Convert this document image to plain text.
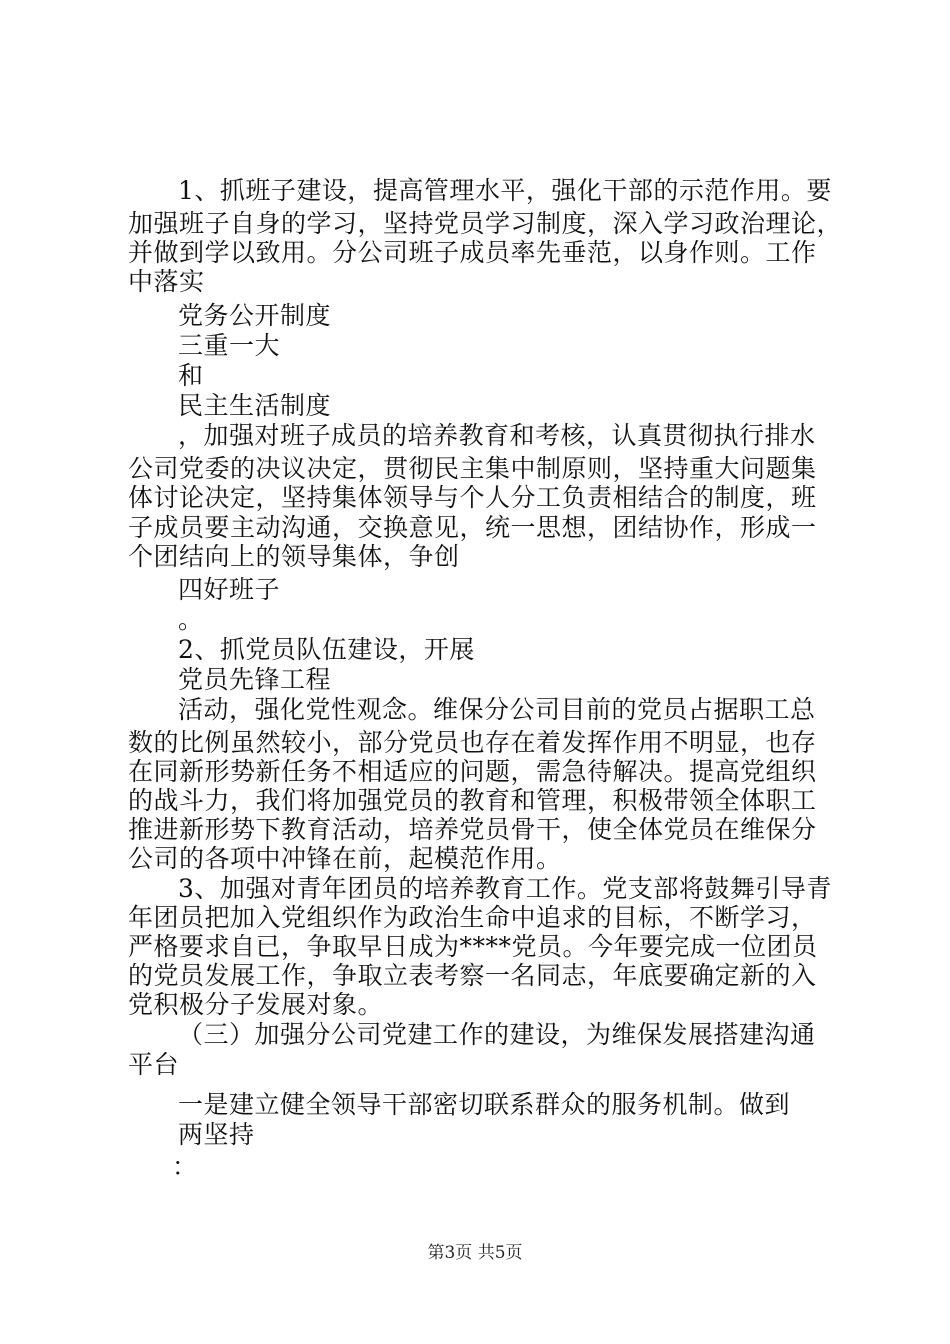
1、抓班子建设，提高管理水平，强化干部的示范作用。要
加强班子自身的学习，坚持党员学习制度，深入学习政治理论，
并做到学以致用。分公司班子成员率先垂范，以身作则。工作
中落实
党务公开制度
三重一大
和
民主生活制度
，加强对班子成员的培养教育和考核，认真贯彻执行排水
公司党委的决议决定，贯彻民主集中制原则，坚持重大问题集
体讨论决定，坚持集体领导与个人分工负责相结合的制度，班
子成员要主动沟通，交换意见，统一思想，团结协作，形成一
个团结向上的领导集体，争创
四好班子
。
2、抓党员队伍建设，开展
党员先锋工程
活动，强化党性观念。维保分公司目前的党员占据职工总
数的比例虽然较小，部分党员也存在着发挥作用不明显，也存
在同新形势新任务不相适应的问题，需急待解决。提高党组织
的战斗力，我们将加强党员的教育和管理，积极带领全体职工
推进新形势下教育活动，培养党员骨干，使全体党员在维保分
公司的各项中冲锋在前，起模范作用。
3、加强对青年团员的培养教育工作。党支部将鼓舞引导青
年团员把加入党组织作为政治生命中追求的目标，不断学习，
严格要求自已，争取早日成为****党员。今年要完成一位团员
的党员发展工作，争取立表考察一名同志，年底要确定新的入
党积极分子发展对象。
（三）加强分公司党建工作的建设，为维保发展搭建沟通
平台
一是建立健全领导干部密切联系群众的服务机制。做到
两坚持
：
第3页 共5页
